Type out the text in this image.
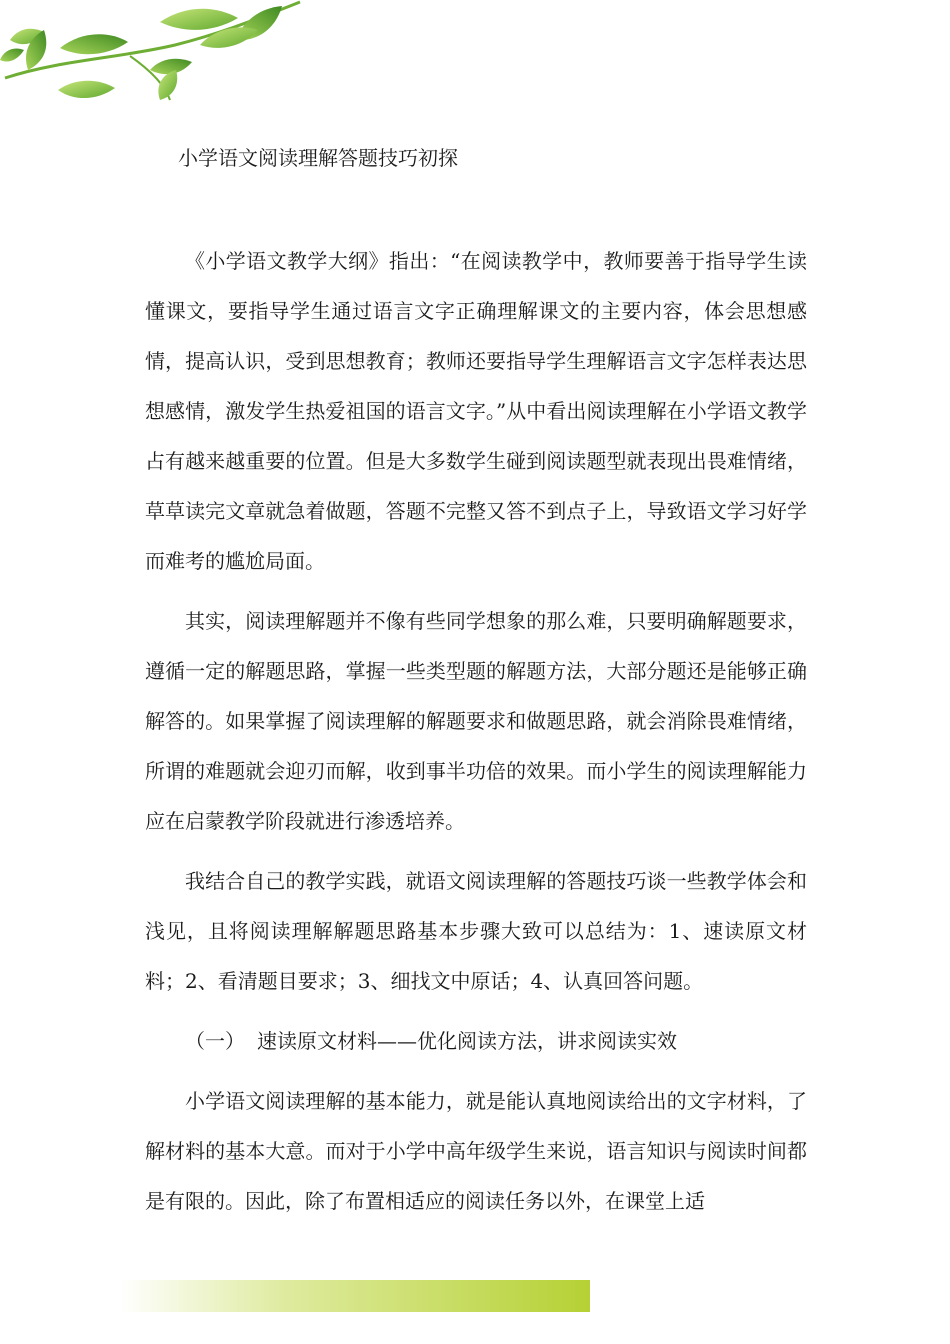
小学语文阅读理解答题技巧初探

《小学语文教学大纲》指出：“在阅读教学中，教师要善于指导学生读懂课文，要指导学生通过语言文字正确理解课文的主要内容，体会思想感情，提高认识，受到思想教育；教师还要指导学生理解语言文字怎样表达思想感情，激发学生热爱祖国的语言文字。”从中看出阅读理解在小学语文教学占有越来越重要的位置。但是大多数学生碰到阅读题型就表现出畏难情绪，草草读完文章就急着做题，答题不完整又答不到点子上，导致语文学习好学而难考的尴尬局面。

其实，阅读理解题并不像有些同学想象的那么难，只要明确解题要求，遵循一定的解题思路，掌握一些类型题的解题方法，大部分题还是能够正确解答的。如果掌握了阅读理解的解题要求和做题思路，就会消除畏难情绪，所谓的难题就会迎刃而解，收到事半功倍的效果。而小学生的阅读理解能力应在启蒙教学阶段就进行渗透培养。

我结合自己的教学实践，就语文阅读理解的答题技巧谈一些教学体会和浅见，且将阅读理解解题思路基本步骤大致可以总结为：1、速读原文材料；2、看清题目要求；3、细找文中原话；4、认真回答问题。

（一） 速读原文材料——优化阅读方法，讲求阅读实效

小学语文阅读理解的基本能力，就是能认真地阅读给出的文字材料，了解材料的基本大意。而对于小学中高年级学生来说，语言知识与阅读时间都是有限的。因此，除了布置相适应的阅读任务以外，在课堂上适
